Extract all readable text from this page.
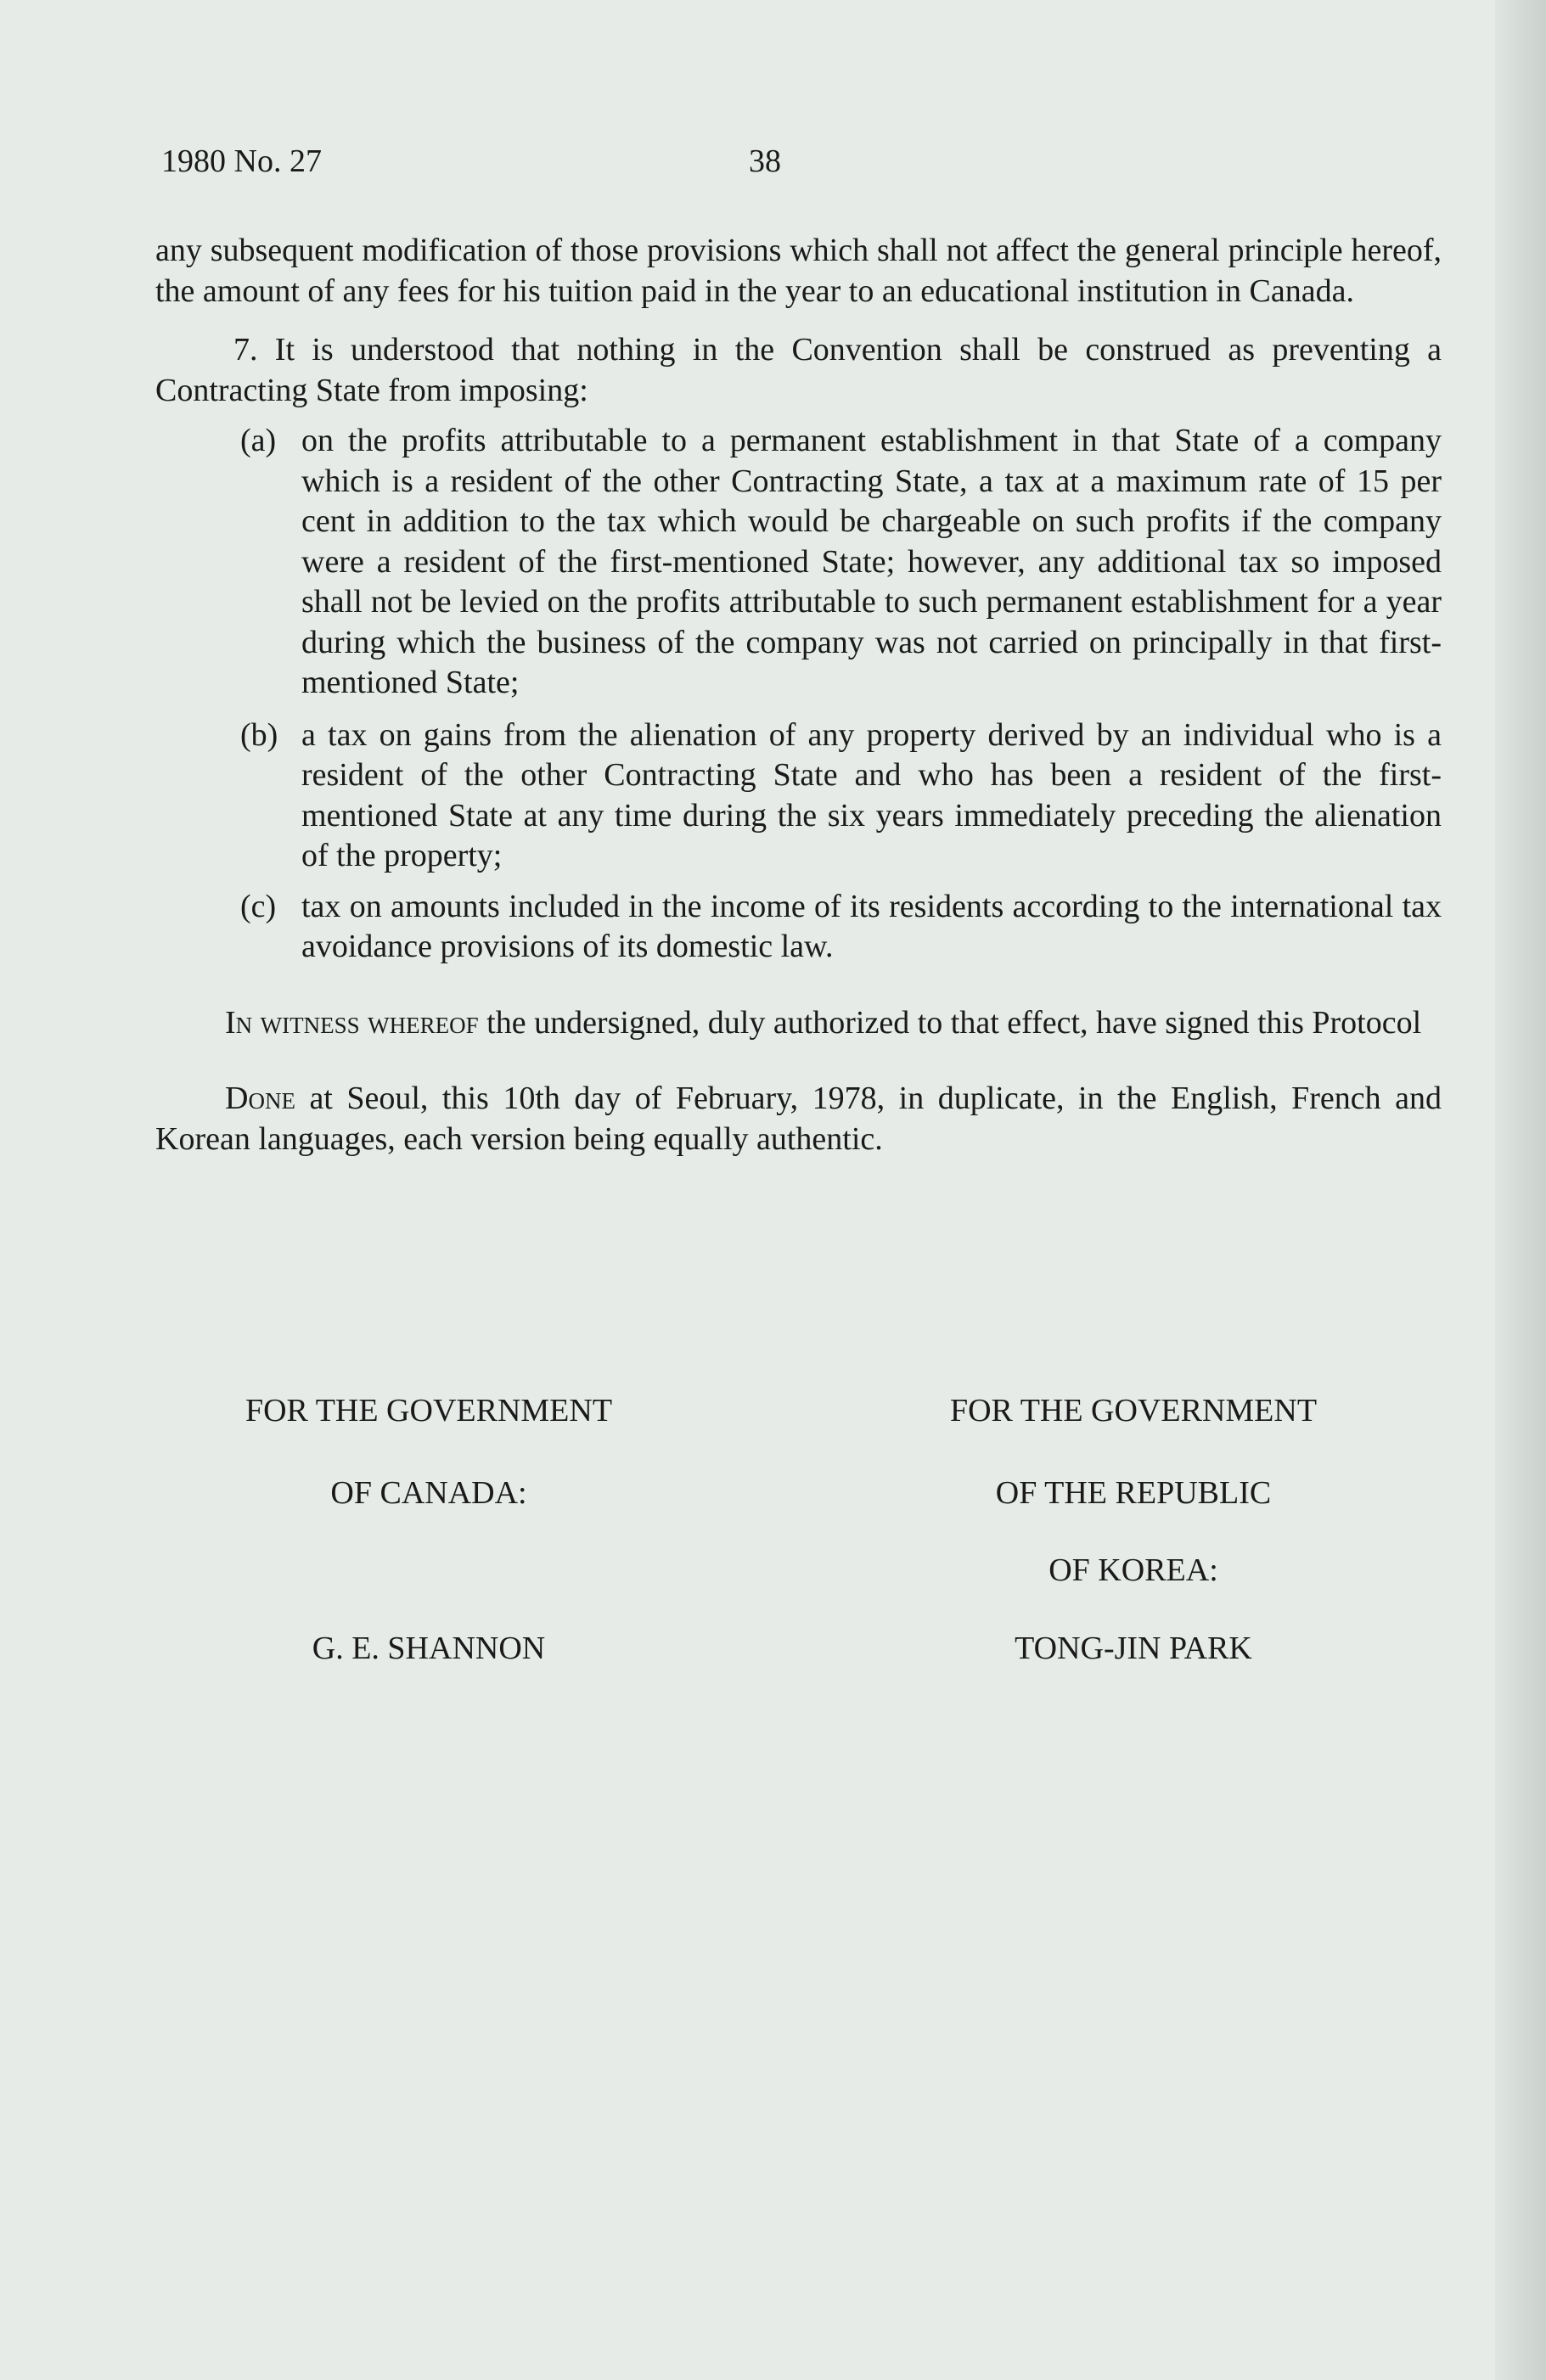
1980 No. 27	38

any subsequent modification of those provisions which shall not affect the general principle hereof, the amount of any fees for his tuition paid in the year to an educational institution in Canada.

7. It is understood that nothing in the Convention shall be construed as preventing a Contracting State from imposing:

(a) on the profits attributable to a permanent establishment in that State of a company which is a resident of the other Contracting State, a tax at a maximum rate of 15 per cent in addition to the tax which would be chargeable on such profits if the company were a resident of the first-mentioned State; however, any additional tax so imposed shall not be levied on the profits attributable to such permanent establishment for a year during which the business of the company was not carried on principally in that first-mentioned State;
(b) a tax on gains from the alienation of any property derived by an individual who is a resident of the other Contracting State and who has been a resident of the first-mentioned State at any time during the six years immediately preceding the alienation of the property;
(c) tax on amounts included in the income of its residents according to the international tax avoidance provisions of its domestic law.

In witness whereof the undersigned, duly authorized to that effect, have signed this Protocol

Done at Seoul, this 10th day of February, 1978, in duplicate, in the English, French and Korean languages, each version being equally authentic.

FOR THE GOVERNMENT
OF CANADA:
G. E. SHANNON
FOR THE GOVERNMENT
OF THE REPUBLIC
OF KOREA:
TONG-JIN PARK
